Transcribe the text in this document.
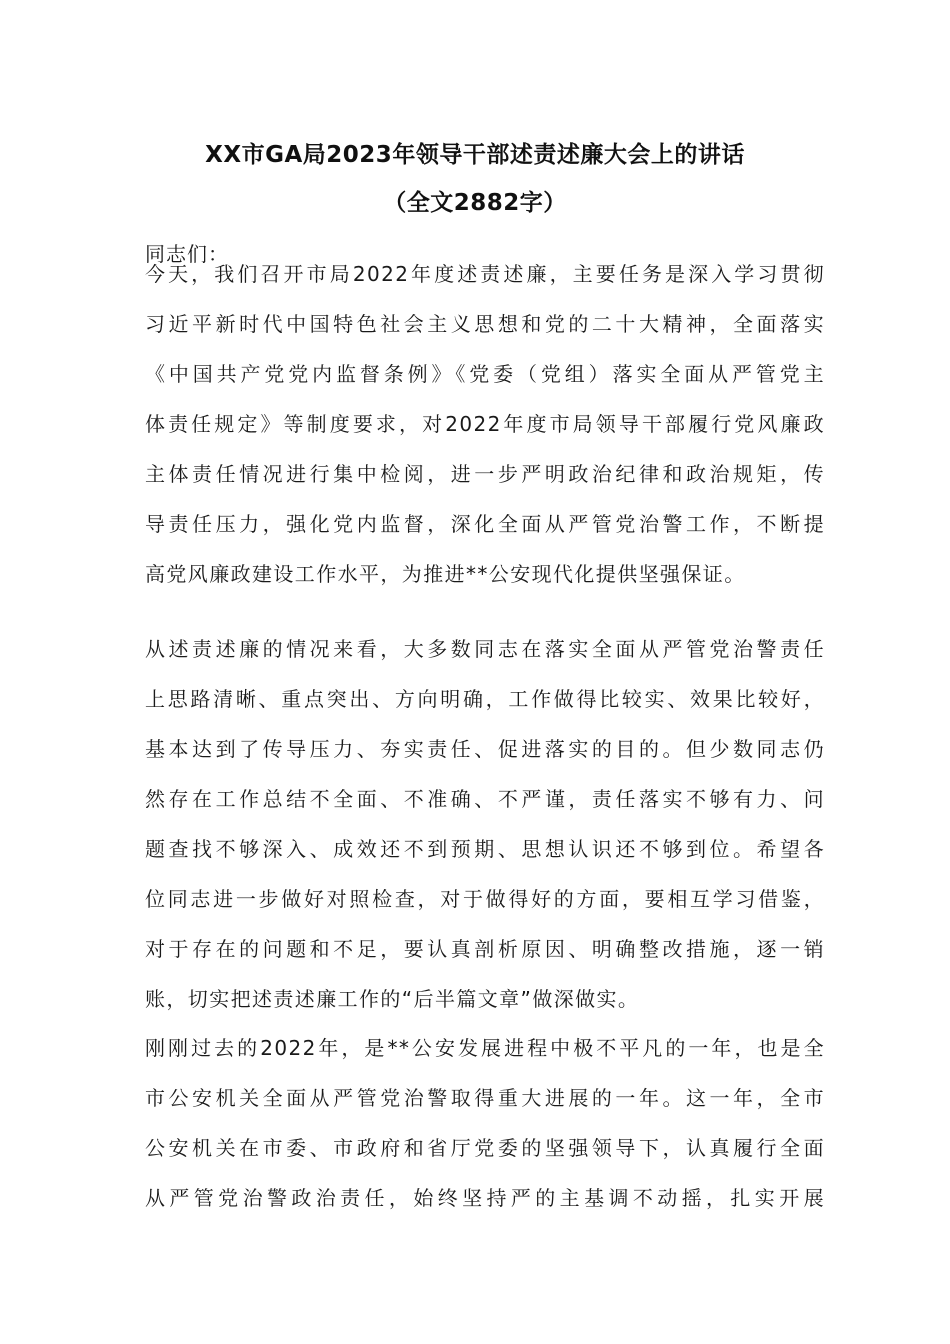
XX市GA局2023年领导干部述责述廉大会上的讲话
（全文2882字）
同志们：
今天，我们召开市局2022年度述责述廉，主要任务是深入学习贯彻
习近平新时代中国特色社会主义思想和党的二十大精神，全面落实
《中国共产党党内监督条例》《党委（党组）落实全面从严管党主
体责任规定》等制度要求，对2022年度市局领导干部履行党风廉政
主体责任情况进行集中检阅，进一步严明政治纪律和政治规矩，传
导责任压力，强化党内监督，深化全面从严管党治警工作，不断提
高党风廉政建设工作水平，为推进**公安现代化提供坚强保证。
从述责述廉的情况来看，大多数同志在落实全面从严管党治警责任
上思路清晰、重点突出、方向明确，工作做得比较实、效果比较好，
基本达到了传导压力、夯实责任、促进落实的目的。但少数同志仍
然存在工作总结不全面、不准确、不严谨，责任落实不够有力、问
题查找不够深入、成效还不到预期、思想认识还不够到位。希望各
位同志进一步做好对照检查，对于做得好的方面，要相互学习借鉴，
对于存在的问题和不足，要认真剖析原因、明确整改措施，逐一销
账，切实把述责述廉工作的“后半篇文章”做深做实。
刚刚过去的2022年，是**公安发展进程中极不平凡的一年，也是全
市公安机关全面从严管党治警取得重大进展的一年。这一年，全市
公安机关在市委、市政府和省厅党委的坚强领导下，认真履行全面
从严管党治警政治责任，始终坚持严的主基调不动摇，扎实开展
